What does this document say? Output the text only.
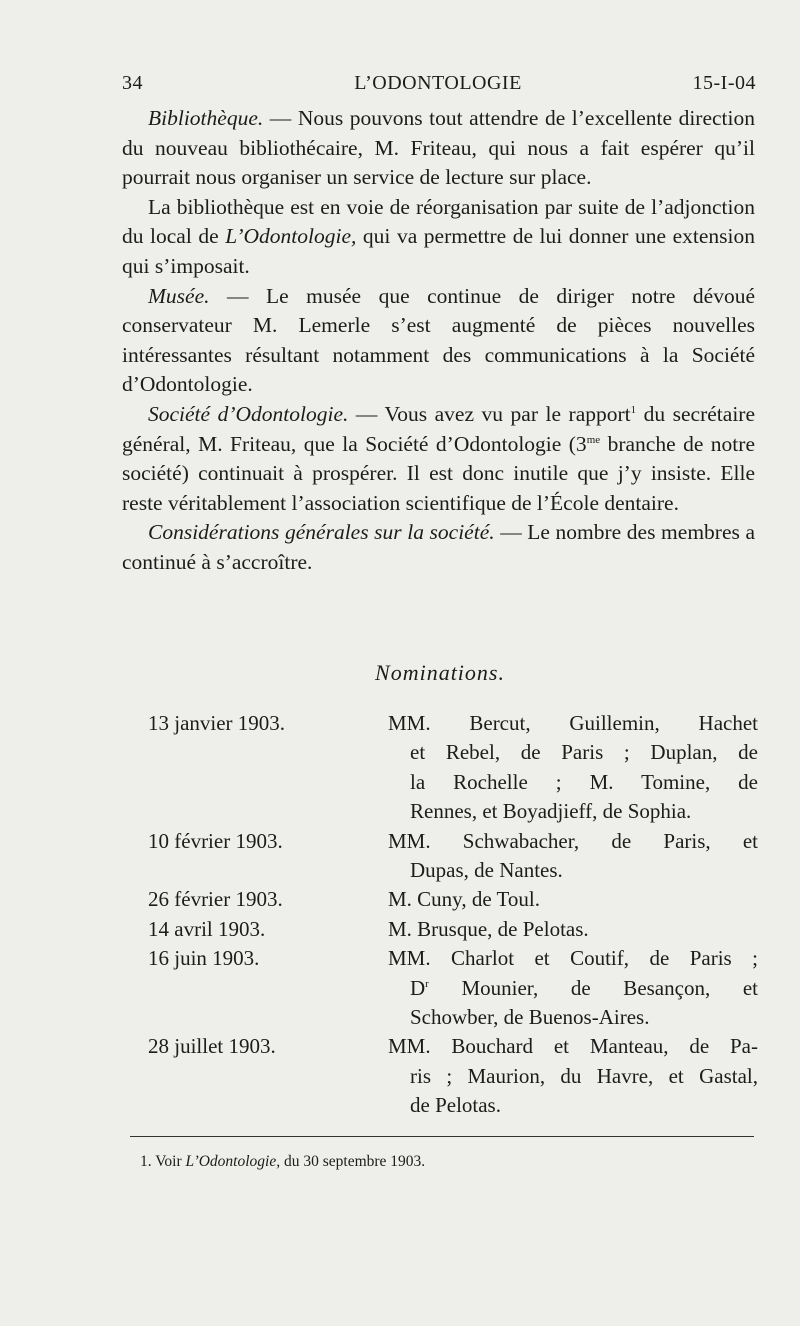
34	L’ODONTOLOGIE	15-I-04

Bibliothèque. — Nous pouvons tout attendre de l’excellente direction du nouveau bibliothécaire, M. Friteau, qui nous a fait espérer qu’il pourrait nous organiser un service de lecture sur place.

La bibliothèque est en voie de réorganisation par suite de l’adjonction du local de L’Odontologie, qui va permettre de lui donner une extension qui s’imposait.

Musée. — Le musée que continue de diriger notre dévoué conservateur M. Lemerle s’est augmenté de pièces nouvelles intéressantes résultant notamment des communications à la Société d’Odontologie.

Société d’Odontologie. — Vous avez vu par le rapport$^1$ du secrétaire général, M. Friteau, que la Société d’Odontologie ($3^{me}$ branche de notre société) continuait à prospérer. Il est donc inutile que j’y insiste. Elle reste véritablement l’association scientifique de l’École dentaire.

Considérations générales sur la société. — Le nombre des membres a continué à s’accroître.

Nominations.
13 janvier 1903.	MM. Bercut, Guillemin, Hachet
et Rebel, de Paris ; Duplan, de
la Rochelle ; M. Tomine, de
Rennes, et Boyadjieff, de Sophia.
10 février 1903.	MM. Schwabacher, de Paris, et
Dupas, de Nantes.
26 février 1903.	M. Cuny, de Toul.
14 avril 1903.	M. Brusque, de Pelotas.
16 juin 1903.	MM. Charlot et Coutif, de Paris ;
$D^r$ Mounier, de Besançon, et
Schowber, de Buenos-Aires.
28 juillet 1903.	MM. Bouchard et Manteau, de Pa-
ris ; Maurion, du Havre, et Gastal,
de Pelotas.
1. Voir L’Odontologie, du 30 septembre 1903.
